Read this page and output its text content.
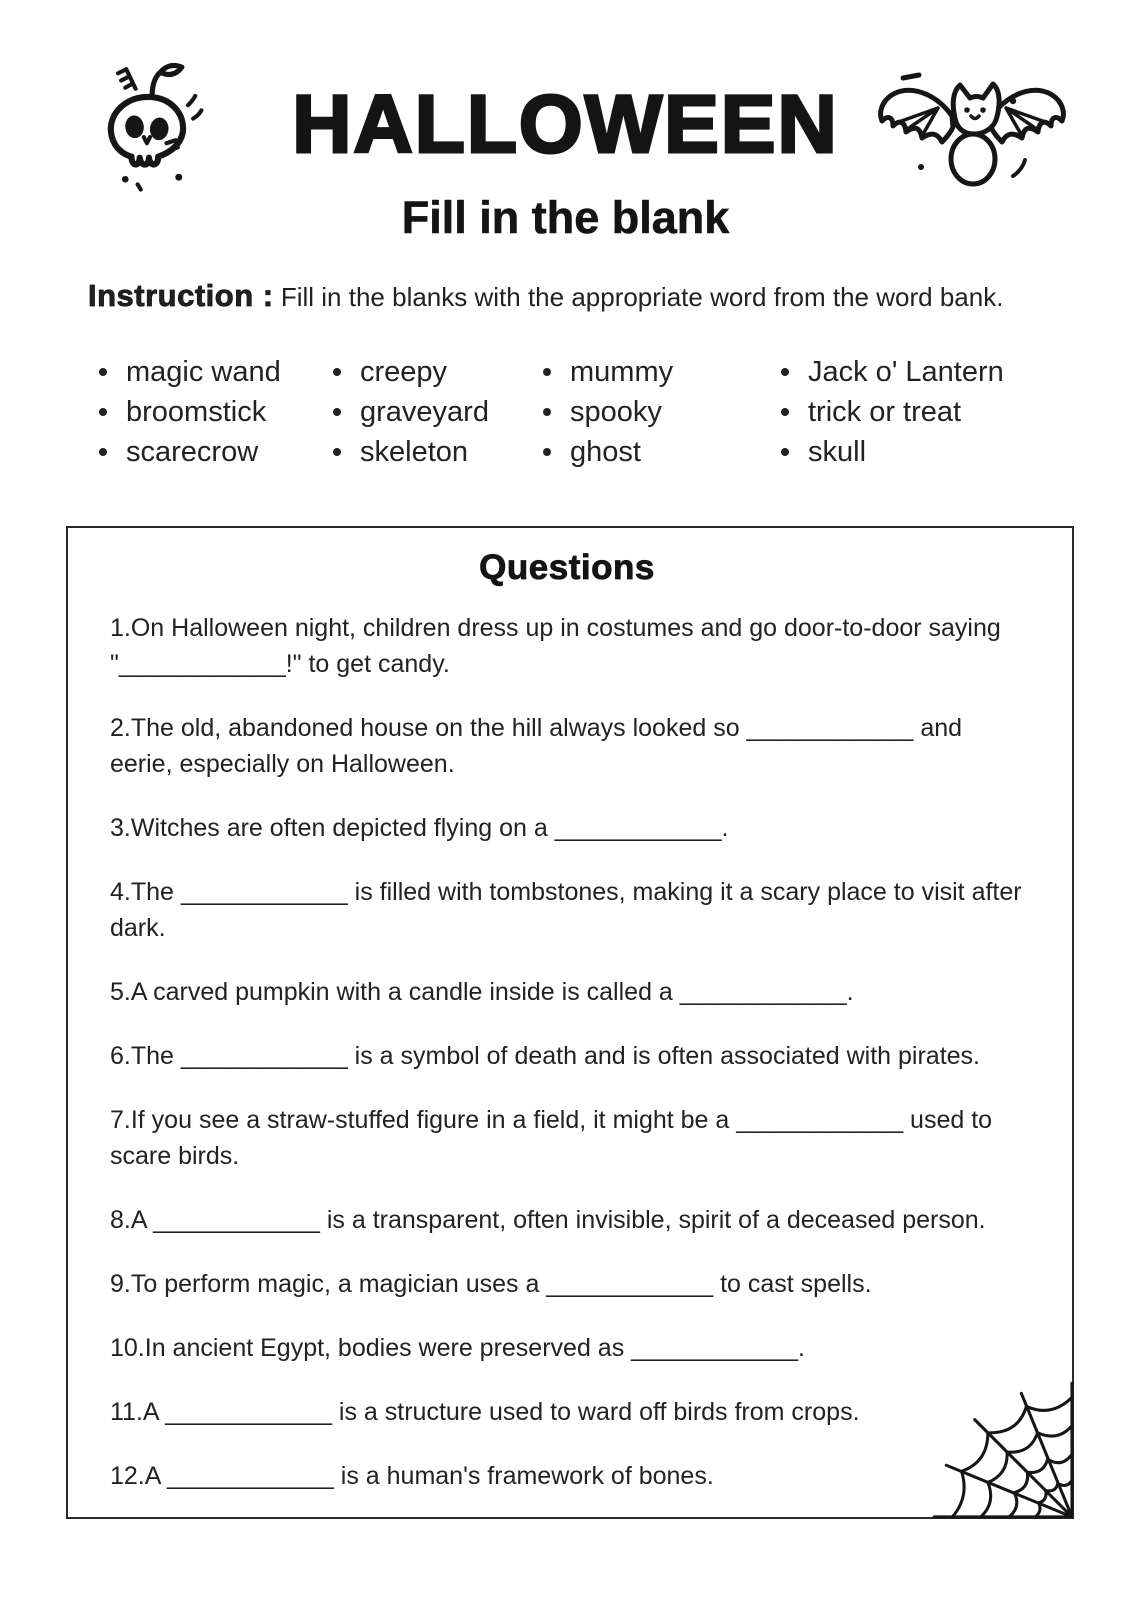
HALLOWEEN
Fill in the blank
Instruction : Fill in the blanks with the appropriate word from the word bank.
magic wand
broomstick
scarecrow
creepy
graveyard
skeleton
mummy
spooky
ghost
Jack o' Lantern
trick or treat
skull
Questions

1.On Halloween night, children dress up in costumes and go door-to-door saying "____________!" to get candy.

2.The old, abandoned house on the hill always looked so ____________ and eerie, especially on Halloween.

3.Witches are often depicted flying on a ____________.

4.The ____________ is filled with tombstones, making it a scary place to visit after dark.

5.A carved pumpkin with a candle inside is called a ____________.

6.The ____________ is a symbol of death and is often associated with pirates.

7.If you see a straw-stuffed figure in a field, it might be a ____________ used to scare birds.

8.A ____________ is a transparent, often invisible, spirit of a deceased person.

9.To perform magic, a magician uses a ____________ to cast spells.

10.In ancient Egypt, bodies were preserved as ____________.

11.A ____________ is a structure used to ward off birds from crops.

12.A ____________ is a human's framework of bones.
